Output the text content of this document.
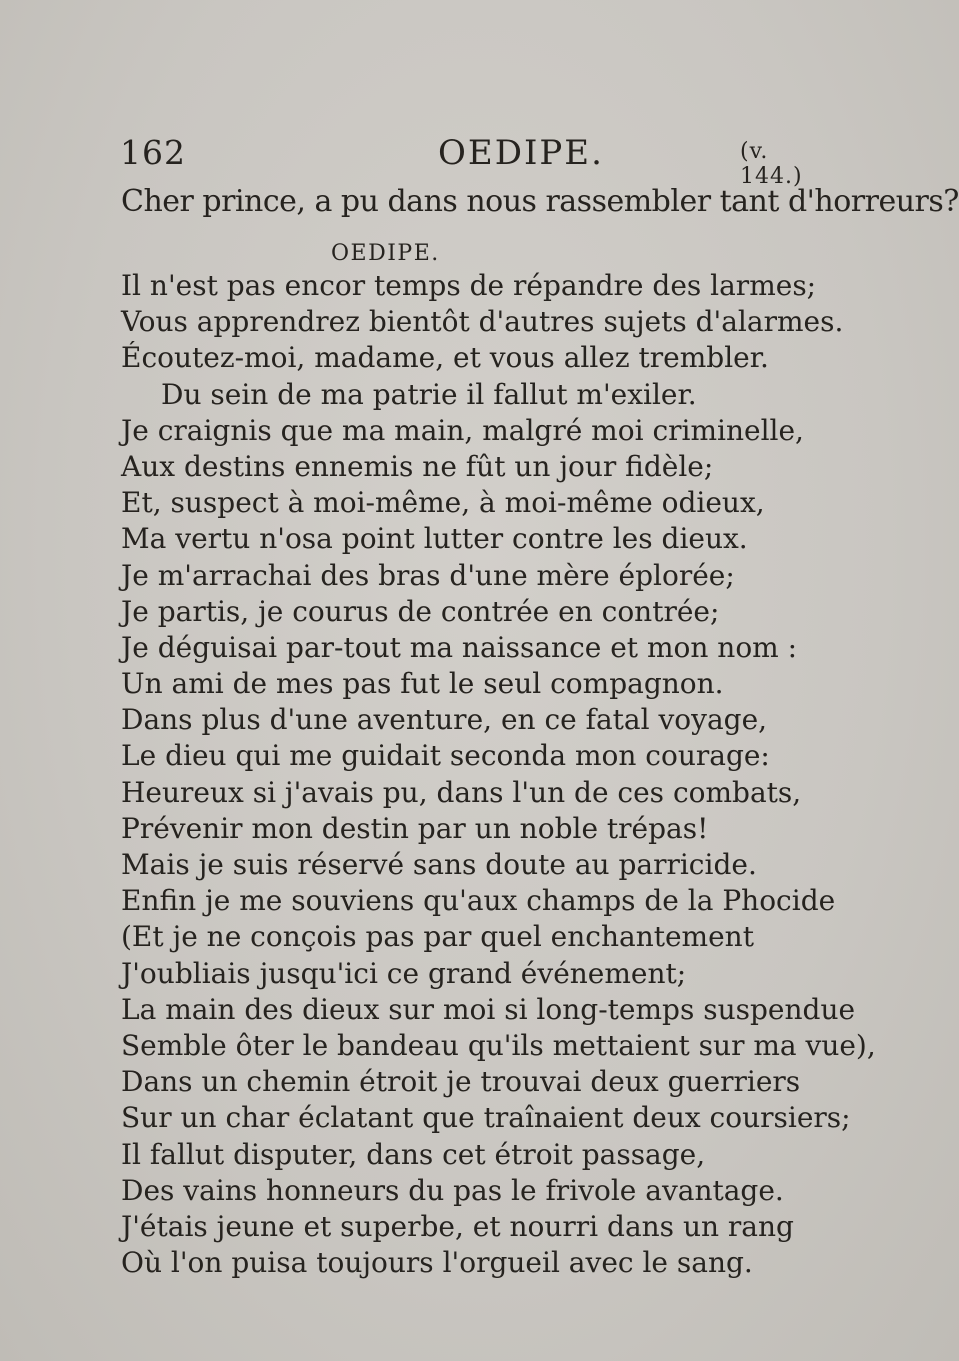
162	OEDIPE.	(v. 144.)
Cher prince, a pu dans nous rassembler tant d'horreurs?
OEDIPE.
Il n'est pas encor temps de répandre des larmes;
Vous apprendrez bientôt d'autres sujets d'alarmes.
Écoutez-moi, madame, et vous allez trembler.
Du sein de ma patrie il fallut m'exiler.
Je craignis que ma main, malgré moi criminelle,
Aux destins ennemis ne fût un jour fidèle;
Et, suspect à moi-même, à moi-même odieux,
Ma vertu n'osa point lutter contre les dieux.
Je m'arrachai des bras d'une mère éplorée;
Je partis, je courus de contrée en contrée;
Je déguisai par-tout ma naissance et mon nom :
Un ami de mes pas fut le seul compagnon.
Dans plus d'une aventure, en ce fatal voyage,
Le dieu qui me guidait seconda mon courage:
Heureux si j'avais pu, dans l'un de ces combats,
Prévenir mon destin par un noble trépas!
Mais je suis réservé sans doute au parricide.
Enfin je me souviens qu'aux champs de la Phocide
(Et je ne conçois pas par quel enchantement
J'oubliais jusqu'ici ce grand événement;
La main des dieux sur moi si long-temps suspendue
Semble ôter le bandeau qu'ils mettaient sur ma vue),
Dans un chemin étroit je trouvai deux guerriers
Sur un char éclatant que traînaient deux coursiers;
Il fallut disputer, dans cet étroit passage,
Des vains honneurs du pas le frivole avantage.
J'étais jeune et superbe, et nourri dans un rang
Où l'on puisa toujours l'orgueil avec le sang.
